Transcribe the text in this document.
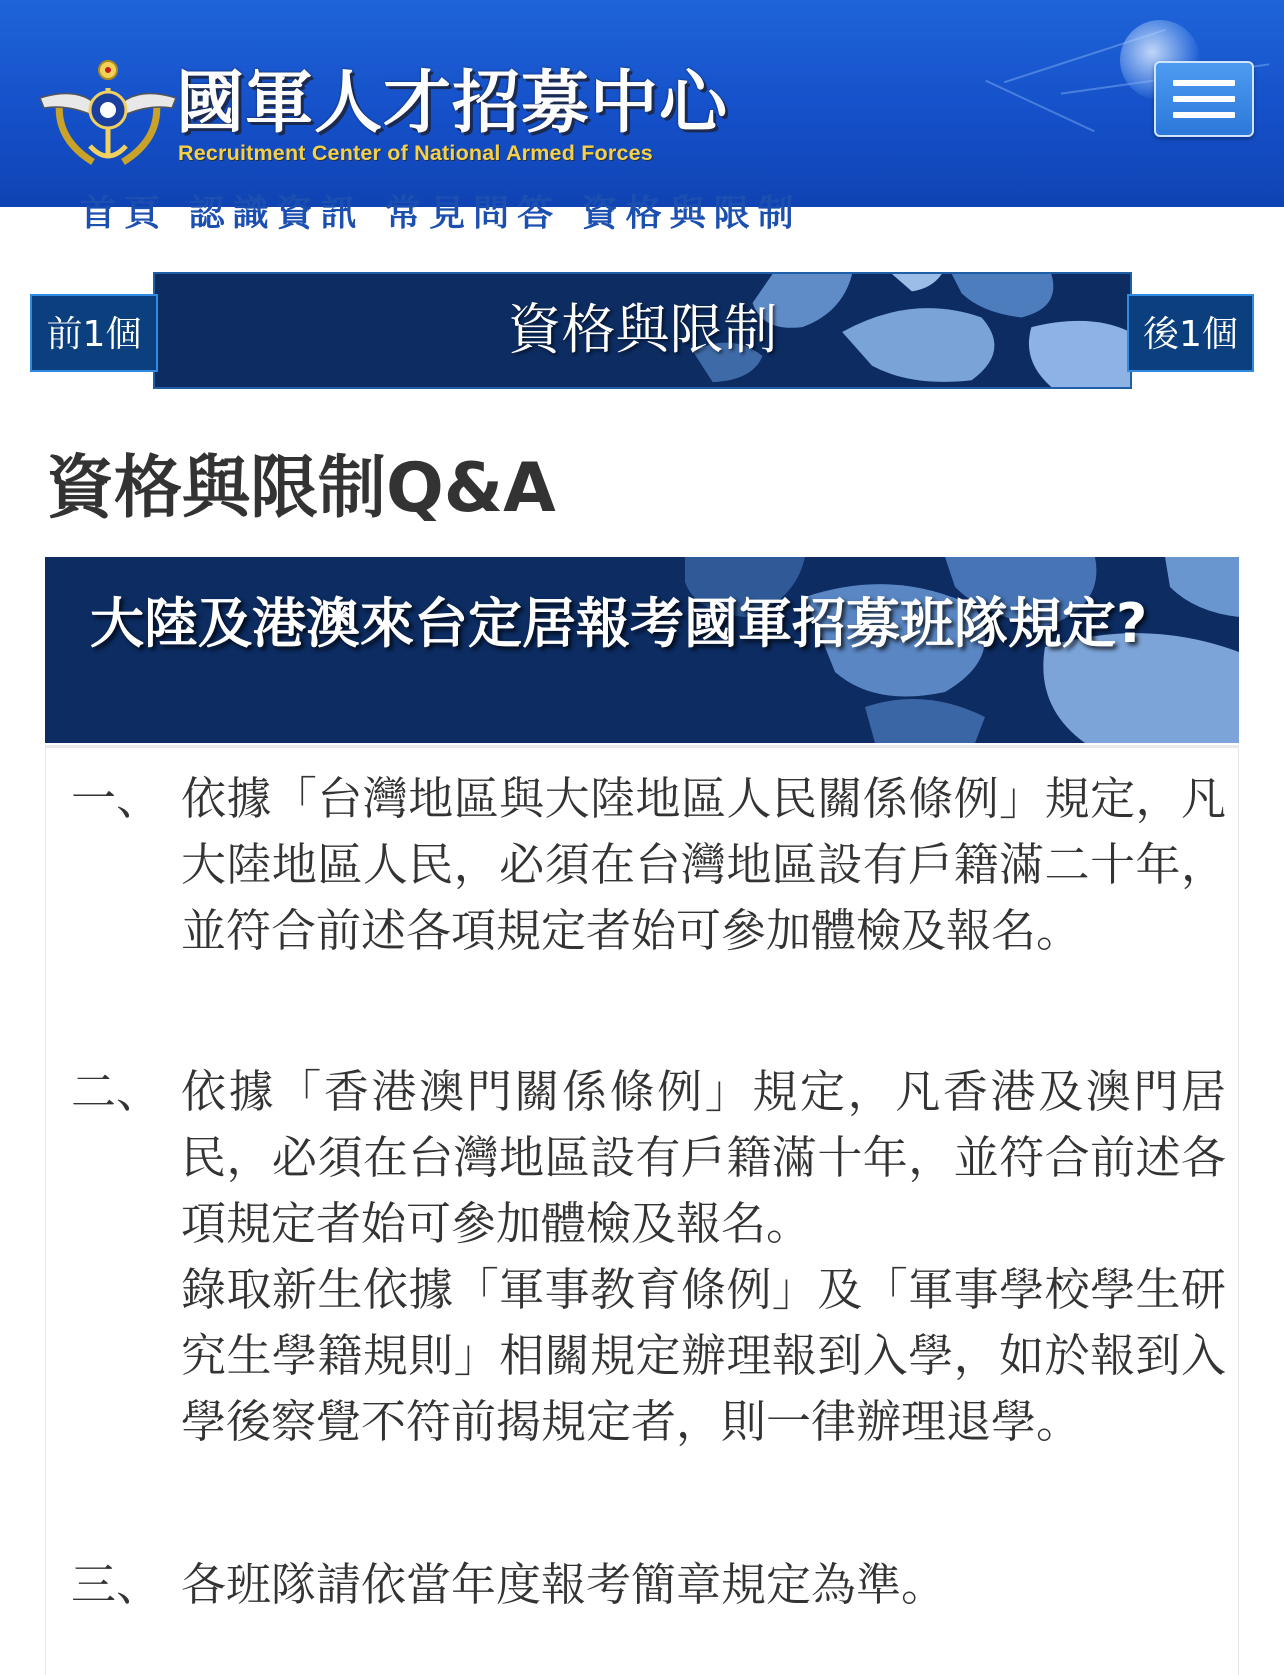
國軍人才招募中心
Recruitment Center of National Armed Forces
首頁 認識資訊 常見問答 資格與限制
資格與限制
前1個	後1個
資格與限制Q&A
大陸及港澳來台定居報考國軍招募班隊規定?
一、 依據「台灣地區與大陸地區人民關係條例」規定，凡大陸地區人民，必須在台灣地區設有戶籍滿二十年，並符合前述各項規定者始可參加體檢及報名。

二、 依據「香港澳門關係條例」規定，凡香港及澳門居民，必須在台灣地區設有戶籍滿十年，並符合前述各項規定者始可參加體檢及報名。

錄取新生依據「軍事教育條例」及「軍事學校學生研究生學籍規則」相關規定辦理報到入學，如於報到入學後察覺不符前揭規定者，則一律辦理退學。

三、 各班隊請依當年度報考簡章規定為準。
